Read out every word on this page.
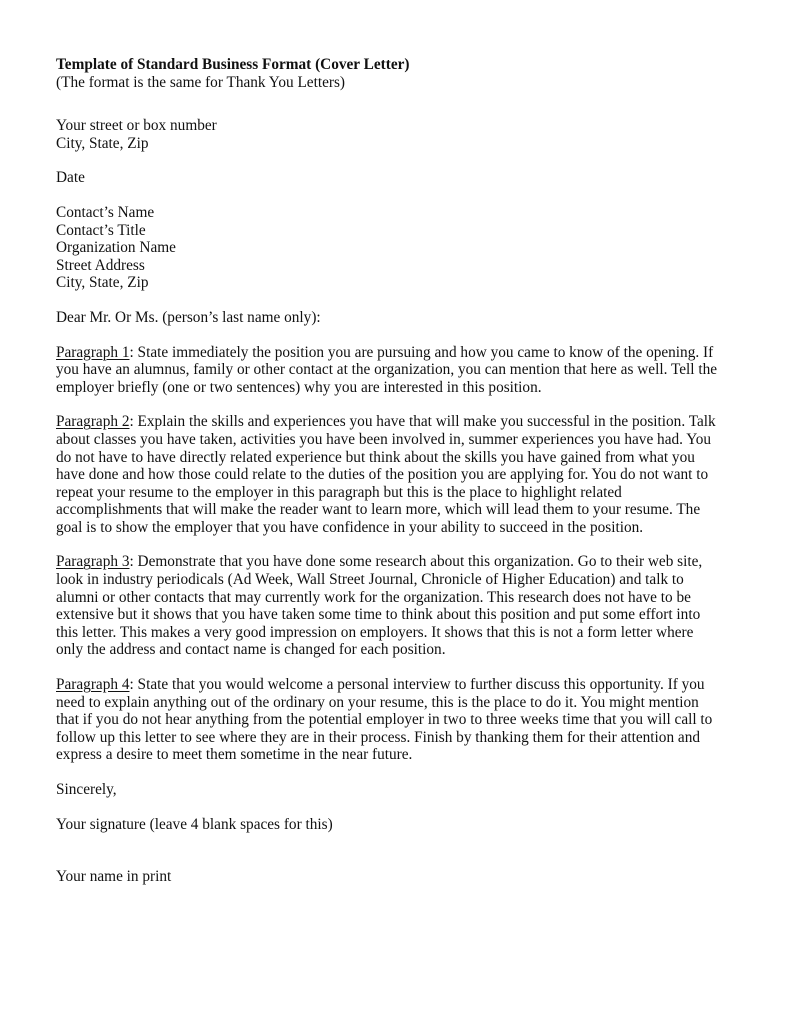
Template of Standard Business Format (Cover Letter)

(The format is the same for Thank You Letters)

Your street or box number
City, State, Zip
Date
Contact’s Name
Contact’s Title
Organization Name
Street Address
City, State, Zip
Dear Mr. Or Ms. (person’s last name only):
Paragraph 1: State immediately the position you are pursuing and how you came to know of the opening. If
you have an alumnus, family or other contact at the organization, you can mention that here as well. Tell the
employer briefly (one or two sentences) why you are interested in this position.
Paragraph 2: Explain the skills and experiences you have that will make you successful in the position. Talk
about classes you have taken, activities you have been involved in, summer experiences you have had. You
do not have to have directly related experience but think about the skills you have gained from what you
have done and how those could relate to the duties of the position you are applying for. You do not want to
repeat your resume to the employer in this paragraph but this is the place to highlight related
accomplishments that will make the reader want to learn more, which will lead them to your resume. The
goal is to show the employer that you have confidence in your ability to succeed in the position.
Paragraph 3: Demonstrate that you have done some research about this organization. Go to their web site,
look in industry periodicals (Ad Week, Wall Street Journal, Chronicle of Higher Education) and talk to
alumni or other contacts that may currently work for the organization. This research does not have to be
extensive but it shows that you have taken some time to think about this position and put some effort into
this letter. This makes a very good impression on employers. It shows that this is not a form letter where
only the address and contact name is changed for each position.
Paragraph 4: State that you would welcome a personal interview to further discuss this opportunity. If you
need to explain anything out of the ordinary on your resume, this is the place to do it. You might mention
that if you do not hear anything from the potential employer in two to three weeks time that you will call to
follow up this letter to see where they are in their process. Finish by thanking them for their attention and
express a desire to meet them sometime in the near future.
Sincerely,
Your signature (leave 4 blank spaces for this)
Your name in print
